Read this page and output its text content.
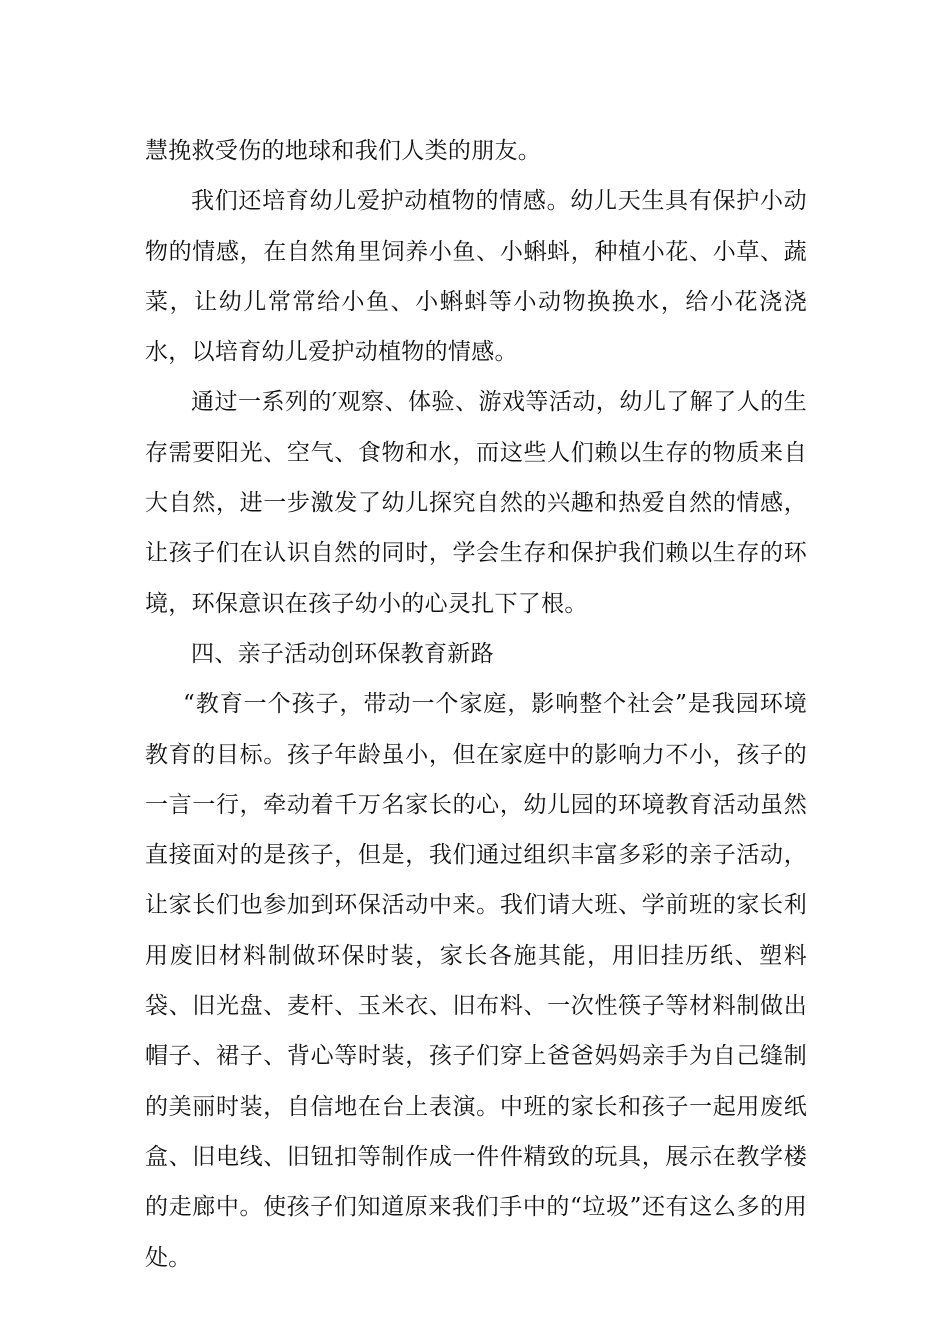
慧挽救受伤的地球和我们人类的朋友。

我们还培育幼儿爱护动植物的情感。幼儿天生具有保护小动物的情感，在自然角里饲养小鱼、小蝌蚪，种植小花、小草、蔬菜，让幼儿常常给小鱼、小蝌蚪等小动物换换水，给小花浇浇水，以培育幼儿爱护动植物的情感。

通过一系列的′观察、体验、游戏等活动，幼儿了解了人的生存需要阳光、空气、食物和水，而这些人们赖以生存的物质来自大自然，进一步激发了幼儿探究自然的兴趣和热爱自然的情感，让孩子们在认识自然的同时，学会生存和保护我们赖以生存的环境，环保意识在孩子幼小的心灵扎下了根。

四、亲子活动创环保教育新路

“教育一个孩子，带动一个家庭，影响整个社会”是我园环境教育的目标。孩子年龄虽小，但在家庭中的影响力不小，孩子的一言一行，牵动着千万名家长的心，幼儿园的环境教育活动虽然直接面对的是孩子，但是，我们通过组织丰富多彩的亲子活动，让家长们也参加到环保活动中来。我们请大班、学前班的家长利用废旧材料制做环保时装，家长各施其能，用旧挂历纸、塑料袋、旧光盘、麦杆、玉米衣、旧布料、一次性筷子等材料制做出帽子、裙子、背心等时装，孩子们穿上爸爸妈妈亲手为自己缝制的美丽时装，自信地在台上表演。中班的家长和孩子一起用废纸盒、旧电线、旧钮扣等制作成一件件精致的玩具，展示在教学楼的走廊中。使孩子们知道原来我们手中的“垃圾”还有这么多的用处。
